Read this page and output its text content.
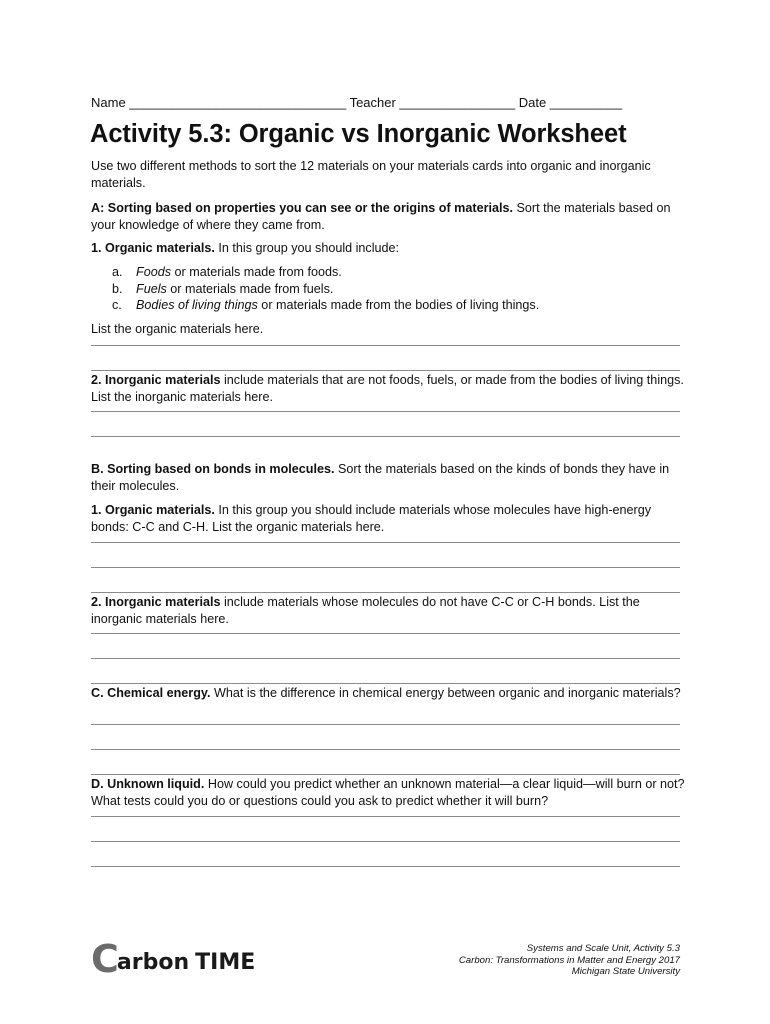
Name ______________________________ Teacher ________________ Date __________
Activity 5.3: Organic vs Inorganic Worksheet
Use two different methods to sort the 12 materials on your materials cards into organic and inorganic materials.
A: Sorting based on properties you can see or the origins of materials. Sort the materials based on your knowledge of where they came from.
1. Organic materials. In this group you should include:
a. Foods or materials made from foods.
b. Fuels or materials made from fuels.
c. Bodies of living things or materials made from the bodies of living things.
List the organic materials here.
2. Inorganic materials include materials that are not foods, fuels, or made from the bodies of living things. List the inorganic materials here.
B. Sorting based on bonds in molecules. Sort the materials based on the kinds of bonds they have in their molecules.
1. Organic materials. In this group you should include materials whose molecules have high-energy bonds: C-C and C-H. List the organic materials here.
2. Inorganic materials include materials whose molecules do not have C-C or C-H bonds. List the inorganic materials here.
C. Chemical energy. What is the difference in chemical energy between organic and inorganic materials?
D. Unknown liquid. How could you predict whether an unknown material—a clear liquid—will burn or not? What tests could you do or questions could you ask to predict whether it will burn?
C
arbon TIME
Systems and Scale Unit, Activity 5.3
Carbon: Transformations in Matter and Energy 2017
Michigan State University
